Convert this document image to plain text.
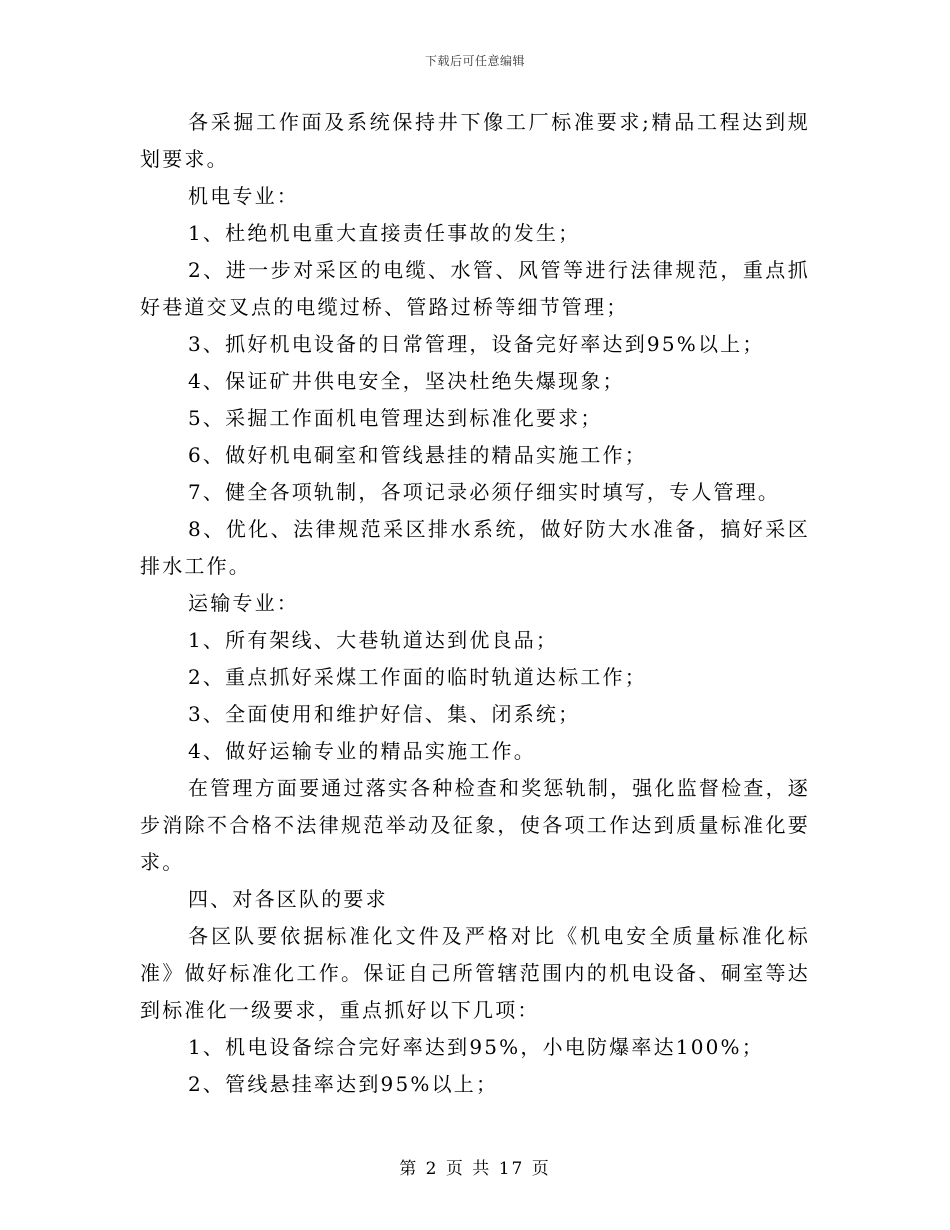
下载后可任意编辑

各采掘工作面及系统保持井下像工厂标准要求;精品工程达到规划要求。

机电专业：

1、杜绝机电重大直接责任事故的发生；

2、进一步对采区的电缆、水管、风管等进行法律规范，重点抓好巷道交叉点的电缆过桥、管路过桥等细节管理；

3、抓好机电设备的日常管理，设备完好率达到95%以上；

4、保证矿井供电安全，坚决杜绝失爆现象；

5、采掘工作面机电管理达到标准化要求；

6、做好机电硐室和管线悬挂的精品实施工作；

7、健全各项轨制，各项记录必须仔细实时填写，专人管理。

8、优化、法律规范采区排水系统，做好防大水准备，搞好采区排水工作。

运输专业：

1、所有架线、大巷轨道达到优良品；

2、重点抓好采煤工作面的临时轨道达标工作；

3、全面使用和维护好信、集、闭系统；

4、做好运输专业的精品实施工作。

在管理方面要通过落实各种检查和奖惩轨制，强化监督检查，逐步消除不合格不法律规范举动及征象，使各项工作达到质量标准化要求。

四、对各区队的要求

各区队要依据标准化文件及严格对比《机电安全质量标准化标准》做好标准化工作。保证自己所管辖范围内的机电设备、硐室等达到标准化一级要求，重点抓好以下几项：

1、机电设备综合完好率达到95%，小电防爆率达100%；

2、管线悬挂率达到95%以上；

第 2 页 共 17 页
